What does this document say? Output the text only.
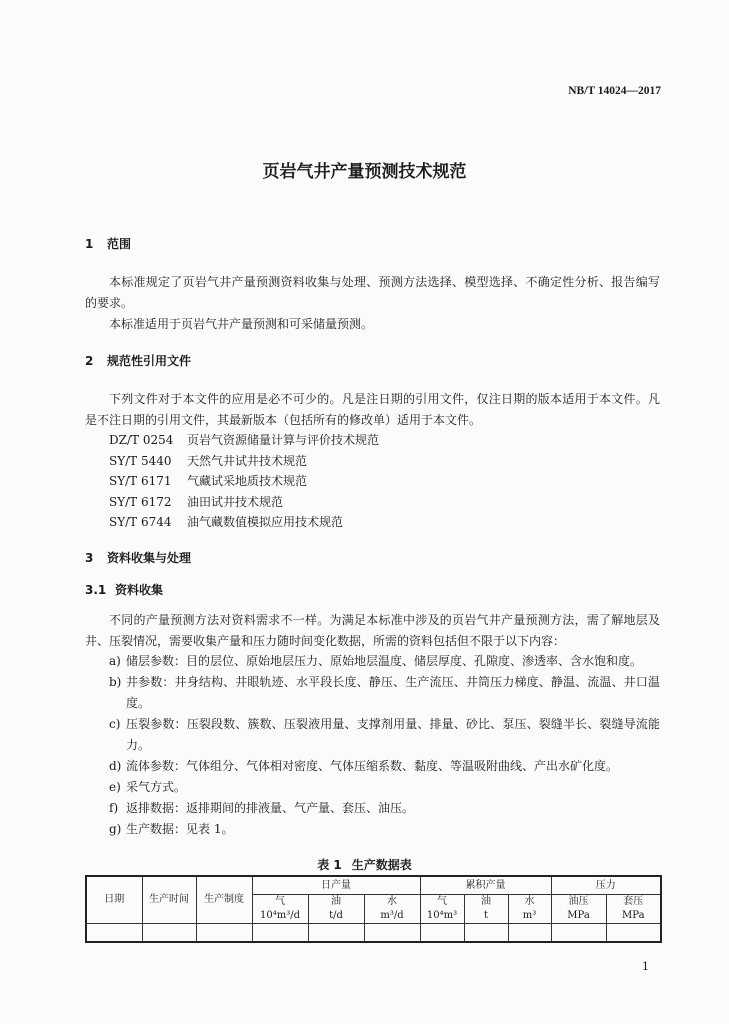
NB/T 14024—2017
页岩气井产量预测技术规范
1 范围
本标准规定了页岩气井产量预测资料收集与处理、预测方法选择、模型选择、不确定性分析、报告编写的要求。
本标准适用于页岩气井产量预测和可采储量预测。
2 规范性引用文件
下列文件对于本文件的应用是必不可少的。凡是注日期的引用文件，仅注日期的版本适用于本文件。凡是不注日期的引用文件，其最新版本（包括所有的修改单）适用于本文件。
DZ/T 0254 页岩气资源储量计算与评价技术规范
SY/T 5440 天然气井试井技术规范
SY/T 6171 气藏试采地质技术规范
SY/T 6172 油田试井技术规范
SY/T 6744 油气藏数值模拟应用技术规范
3 资料收集与处理
3.1 资料收集
不同的产量预测方法对资料需求不一样。为满足本标准中涉及的页岩气井产量预测方法，需了解地层及井、压裂情况，需要收集产量和压力随时间变化数据，所需的资料包括但不限于以下内容：
a) 储层参数：目的层位、原始地层压力、原始地层温度、储层厚度、孔隙度、渗透率、含水饱和度。
b) 井参数：井身结构、井眼轨迹、水平段长度、静压、生产流压、井筒压力梯度、静温、流温、井口温度。
c) 压裂参数：压裂段数、簇数、压裂液用量、支撑剂用量、排量、砂比、泵压、裂缝半长、裂缝导流能力。
d) 流体参数：气体组分、气体相对密度、气体压缩系数、黏度、等温吸附曲线、产出水矿化度。
e) 采气方式。
f) 返排数据：返排期间的排液量、气产量、套压、油压。
g) 生产数据：见表 1。
表 1 生产数据表
日期	生产时间	生产制度	日产量			累积产量			压力	
			气	油	水	气	油	水	油压	套压
			10⁴m³/d	t/d	m³/d	10⁴m³	t	m³	MPa	MPa

1
